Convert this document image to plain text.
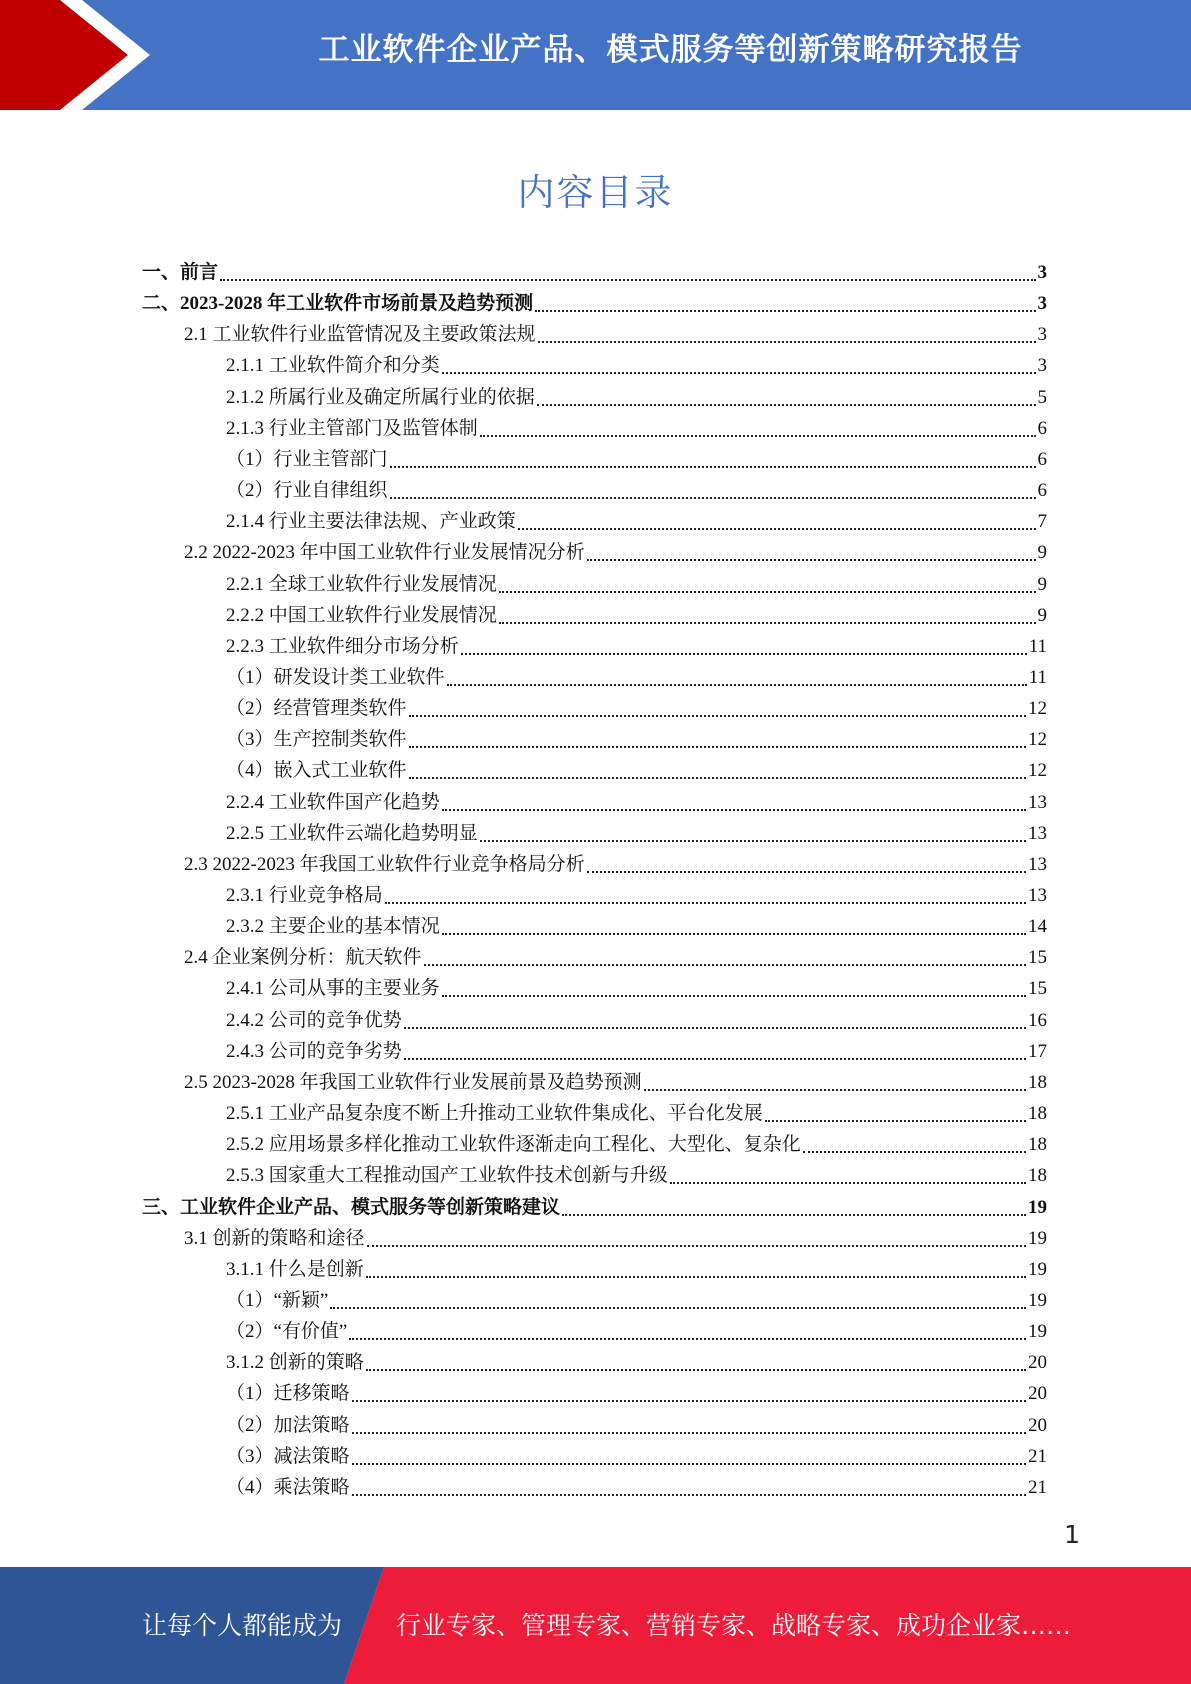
工业软件企业产品、模式服务等创新策略研究报告
内容目录
一、前言	3
二、2023-2028 年工业软件市场前景及趋势预测	3
2.1 工业软件行业监管情况及主要政策法规	3
2.1.1 工业软件简介和分类	3
2.1.2 所属行业及确定所属行业的依据	5
2.1.3 行业主管部门及监管体制	6
（1）行业主管部门	6
（2）行业自律组织	6
2.1.4 行业主要法律法规、产业政策	7
2.2 2022-2023 年中国工业软件行业发展情况分析	9
2.2.1 全球工业软件行业发展情况	9
2.2.2 中国工业软件行业发展情况	9
2.2.3 工业软件细分市场分析	11
（1）研发设计类工业软件	11
（2）经营管理类软件	12
（3）生产控制类软件	12
（4）嵌入式工业软件	12
2.2.4 工业软件国产化趋势	13
2.2.5 工业软件云端化趋势明显	13
2.3 2022-2023 年我国工业软件行业竞争格局分析	13
2.3.1 行业竞争格局	13
2.3.2 主要企业的基本情况	14
2.4 企业案例分析：航天软件	15
2.4.1 公司从事的主要业务	15
2.4.2 公司的竞争优势	16
2.4.3 公司的竞争劣势	17
2.5 2023-2028 年我国工业软件行业发展前景及趋势预测	18
2.5.1 工业产品复杂度不断上升推动工业软件集成化、平台化发展	18
2.5.2 应用场景多样化推动工业软件逐渐走向工程化、大型化、复杂化	18
2.5.3 国家重大工程推动国产工业软件技术创新与升级	18
三、工业软件企业产品、模式服务等创新策略建议	19
3.1 创新的策略和途径	19
3.1.1 什么是创新	19
（1）“新颖”	19
（2）“有价值”	19
3.1.2 创新的策略	20
（1）迁移策略	20
（2）加法策略	20
（3）减法策略	21
（4）乘法策略	21
1
让每个人都能成为 行业专家、管理专家、营销专家、战略专家、成功企业家……
